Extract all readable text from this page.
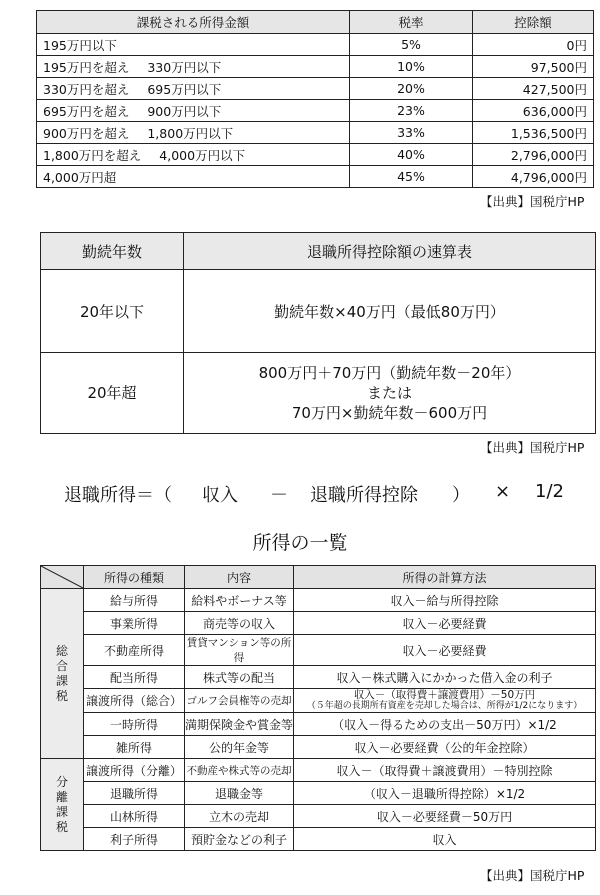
課税される所得金額	税率	控除額
195万円以下	5%	0円
195万円を超え 330万円以下	10%	97,500円
330万円を超え 695万円以下	20%	427,500円
695万円を超え 900万円以下	23%	636,000円
900万円を超え 1,800万円以下	33%	1,536,500円
1,800万円を超え 4,000万円以下	40%	2,796,000円
4,000万円超	45%	4,796,000円
【出典】国税庁HP
勤続年数	退職所得控除額の速算表
20年以下	勤続年数×40万円（最低80万円）
20年超	800万円＋70万円（勤続年数－20年）
または
70万円×勤続年数－600万円
【出典】国税庁HP
退職所得＝（ 収入 － 退職所得控除 ） × 1/2
所得の一覧
	所得の種類	内容	所得の計算方法
総合課税	給与所得	給料やボーナス等	収入－給与所得控除
	事業所得	商売等の収入	収入－必要経費
	不動産所得	賃貸マンション等の所得	収入－必要経費
	配当所得	株式等の配当	収入－株式購入にかかった借入金の利子
	譲渡所得（総合）	ゴルフ会員権等の売却	収入－（取得費＋譲渡費用）－50万円
（５年超の長期所有資産を売却した場合は、所得が1/2になります）

	一時所得	満期保険金や賞金等	（収入－得るための支出－50万円）×1/2
	雑所得	公的年金等	収入－必要経費（公的年金控除）
分離課税	譲渡所得（分離）	不動産や株式等の売却	収入－（取得費＋譲渡費用）－特別控除
	退職所得	退職金等	（収入－退職所得控除）×1/2
	山林所得	立木の売却	収入－必要経費－50万円
	利子所得	預貯金などの利子	収入
【出典】国税庁HP
